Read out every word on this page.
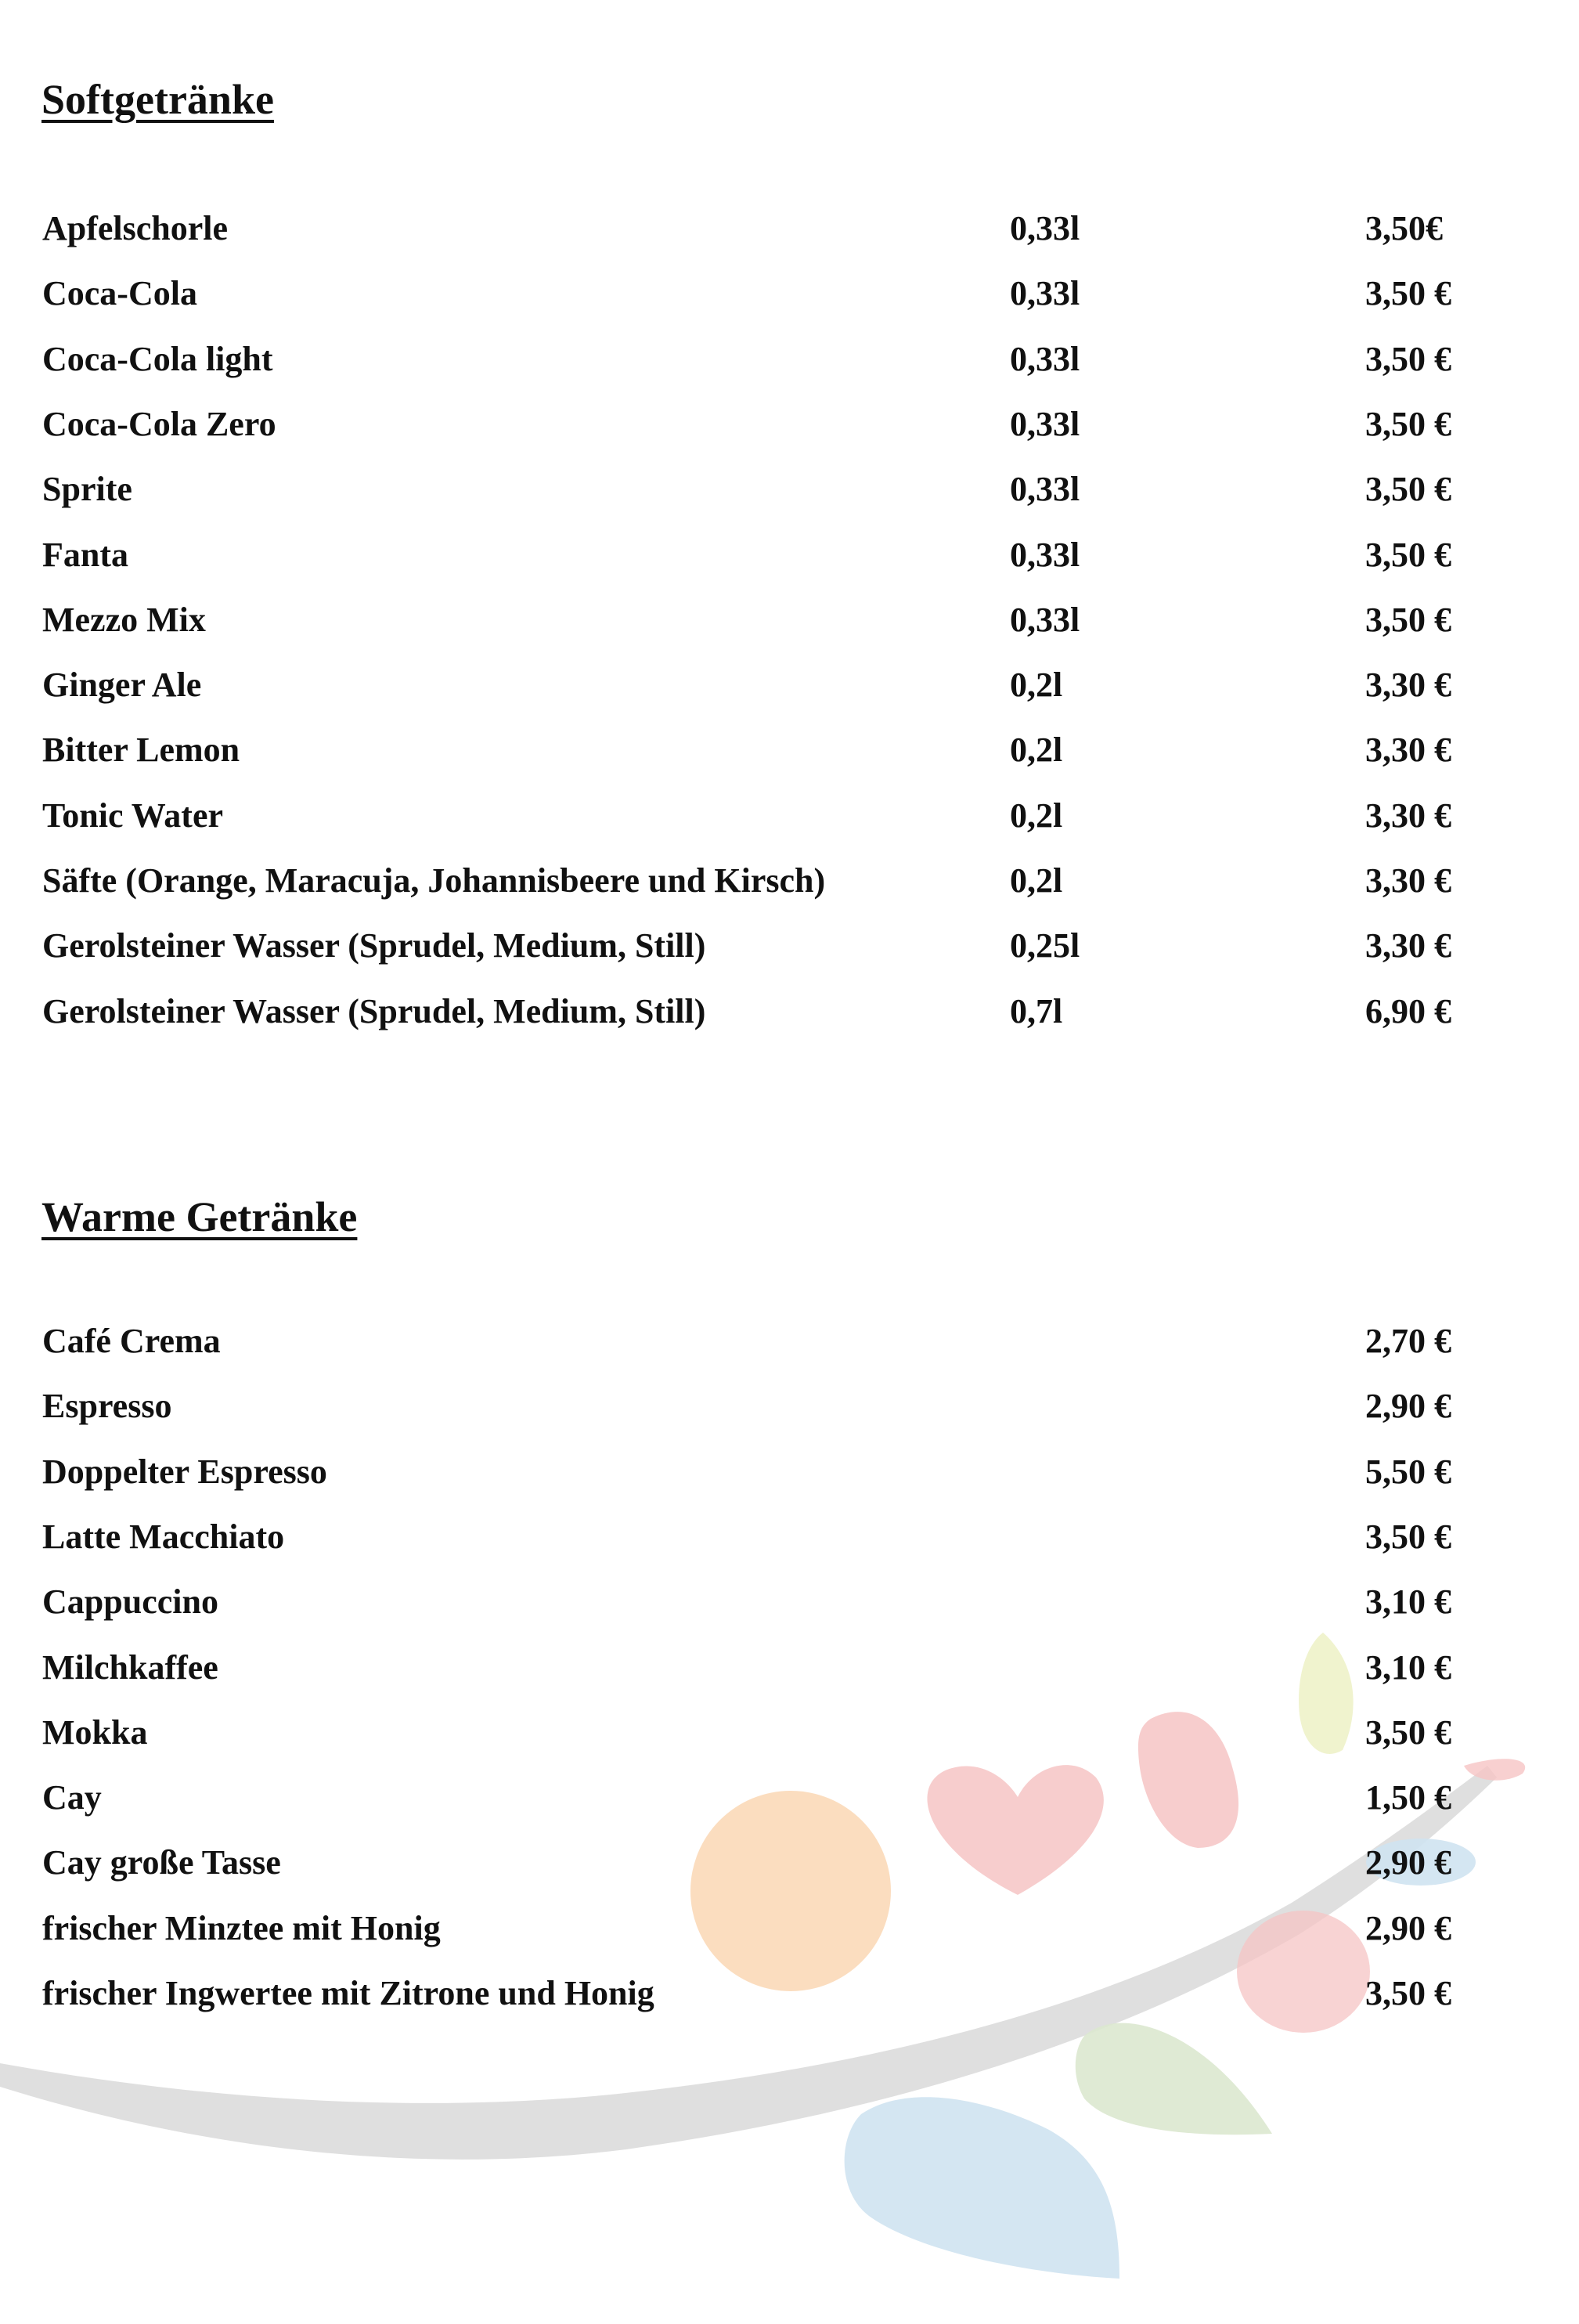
Softgetränke
Apfelschorle	0,33l	3,50€
Coca-Cola	0,33l	3,50 €
Coca-Cola light	0,33l	3,50 €
Coca-Cola Zero	0,33l	3,50 €
Sprite	0,33l	3,50 €
Fanta	0,33l	3,50 €
Mezzo Mix	0,33l	3,50 €
Ginger Ale	0,2l	3,30 €
Bitter Lemon	0,2l	3,30 €
Tonic Water	0,2l	3,30 €
Säfte (Orange, Maracuja, Johannisbeere und Kirsch)	0,2l	3,30 €
Gerolsteiner Wasser (Sprudel, Medium, Still)	0,25l	3,30 €
Gerolsteiner Wasser (Sprudel, Medium, Still)	0,7l	6,90 €
Warme Getränke
Café Crema	2,70 €
Espresso	2,90 €
Doppelter Espresso	5,50 €
Latte Macchiato	3,50 €
Cappuccino	3,10 €
Milchkaffee	3,10 €
Mokka	3,50 €
Cay	1,50 €
Cay große Tasse	2,90 €
frischer Minztee mit Honig	2,90 €
frischer Ingwertee mit Zitrone und Honig	3,50 €
